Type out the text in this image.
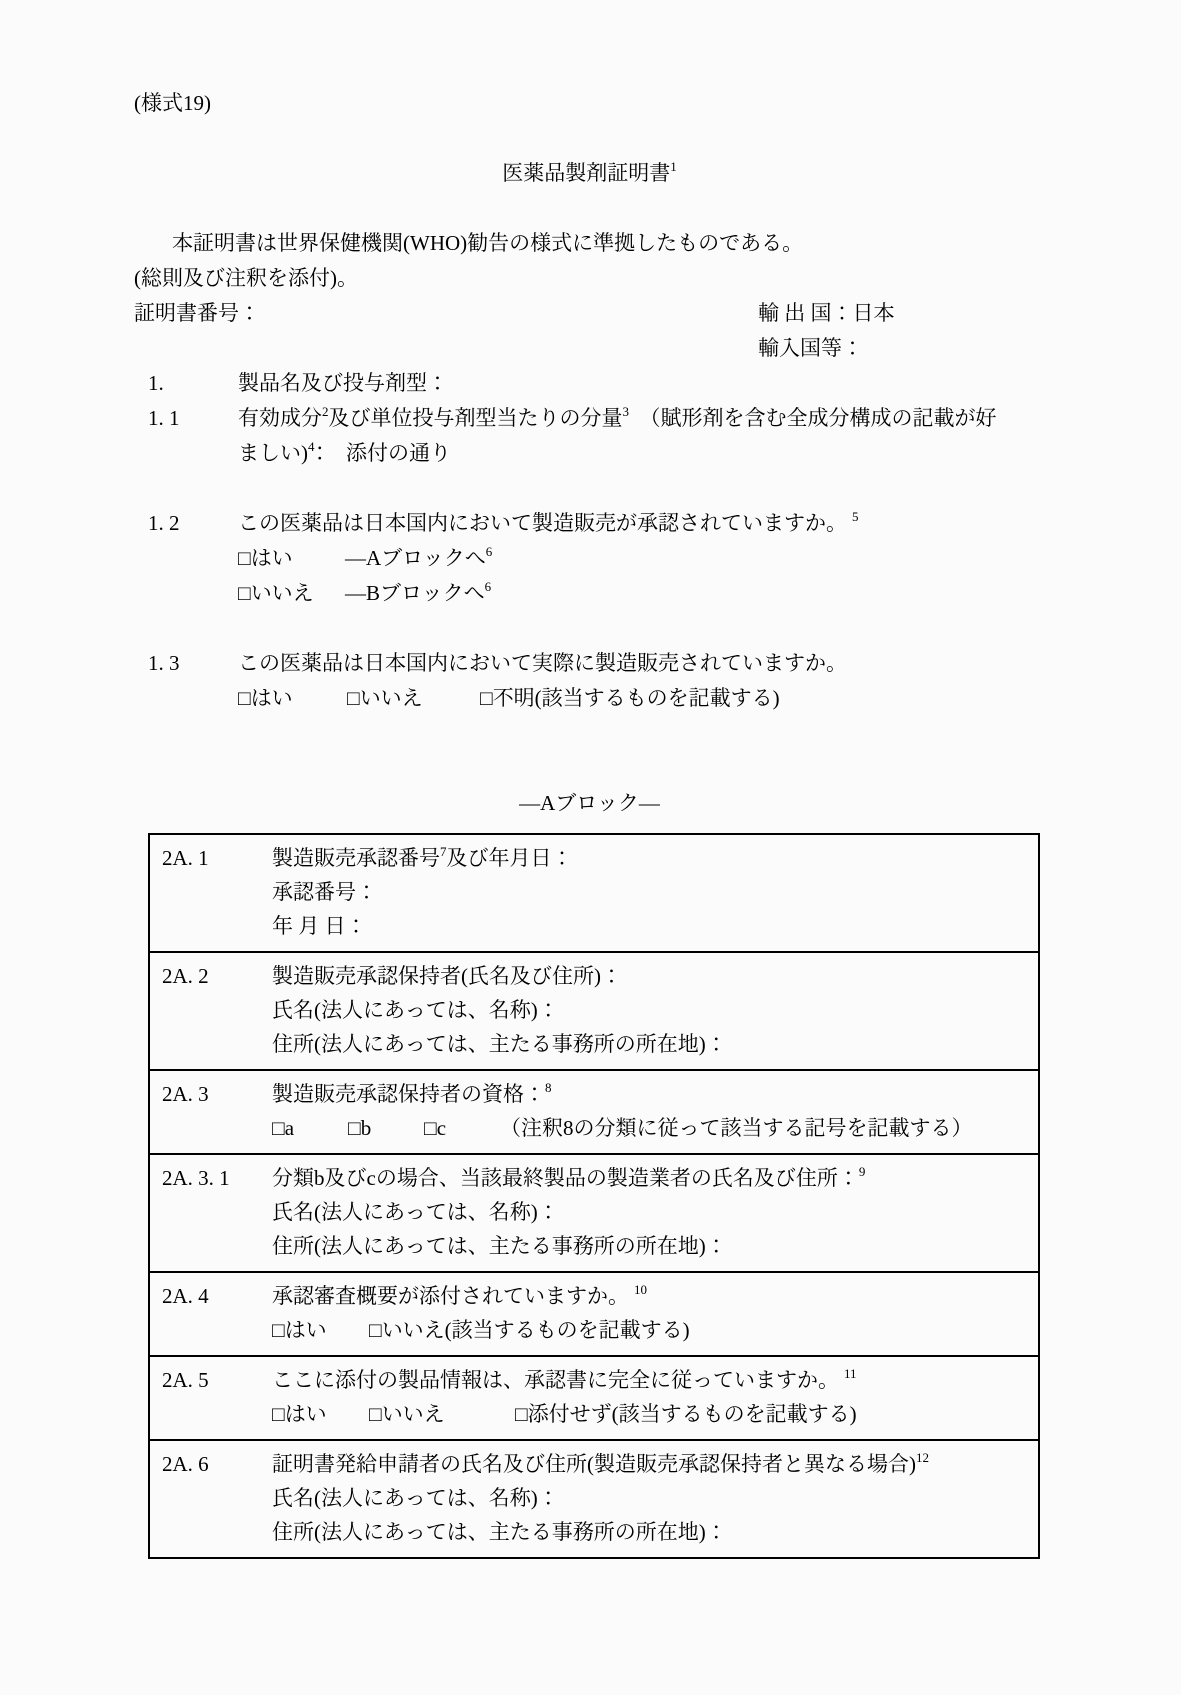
(様式19)
医薬品製剤証明書$^1$
本証明書は世界保健機関(WHO)勧告の様式に準拠したものである。
(総則及び注釈を添付)。
証明書番号：	輸 出 国：日本
輸入国等：
1.	製品名及び投与剤型：
1. 1	有効成分$^2$及び単位投与剤型当たりの分量$^3$　（賦形剤を含む全成分構成の記載が好
ましい)$^4$：　添付の通り
1. 2	この医薬品は日本国内において製造販売が承認されていますか。 $^5$
□はい ―Aブロックへ$^6$
□いいえ ―Bブロックへ$^6$
1. 3	この医薬品は日本国内において実際に製造販売されていますか。
□はい	□いいえ	□不明(該当するものを記載する)
―Aブロック―
2A. 1	製造販売承認番号$^7$及び年月日：
承認番号：
年 月 日：
2A. 2	製造販売承認保持者(氏名及び住所)：
氏名(法人にあっては、名称)：
住所(法人にあっては、主たる事務所の所在地)：
2A. 3	製造販売承認保持者の資格：$^8$
□a	□b	□c	（注釈8の分類に従って該当する記号を記載する）
2A. 3. 1	分類b及びcの場合、当該最終製品の製造業者の氏名及び住所：$^9$
氏名(法人にあっては、名称)：
住所(法人にあっては、主たる事務所の所在地)：
2A. 4	承認審査概要が添付されていますか。 $^{10}$
□はい □いいえ(該当するものを記載する)
2A. 5	ここに添付の製品情報は、承認書に完全に従っていますか。 $^{11}$
□はい □いいえ	□添付せず(該当するものを記載する)
2A. 6	証明書発給申請者の氏名及び住所(製造販売承認保持者と異なる場合)$^{12}$
氏名(法人にあっては、名称)：
住所(法人にあっては、主たる事務所の所在地)：
